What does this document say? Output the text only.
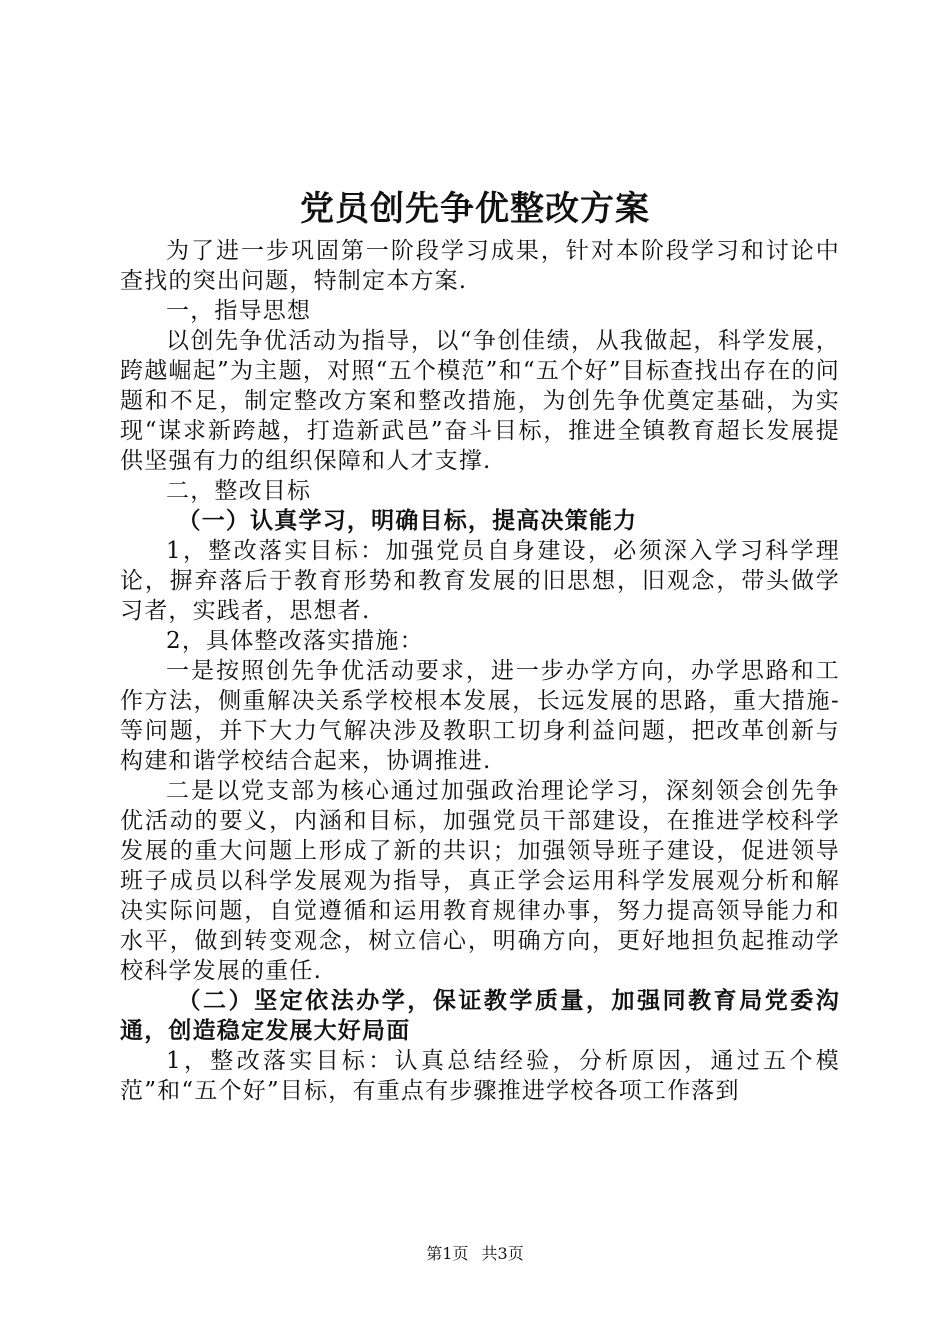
党员创先争优整改方案

为了进一步巩固第一阶段学习成果，针对本阶段学习和讨论中查找的突出问题，特制定本方案.

一，指导思想

以创先争优活动为指导，以“争创佳绩，从我做起，科学发展，跨越崛起”为主题，对照“五个模范”和“五个好”目标查找出存在的问题和不足，制定整改方案和整改措施，为创先争优奠定基础，为实现“谋求新跨越，打造新武邑”奋斗目标，推进全镇教育超长发展提供坚强有力的组织保障和人才支撑.

二，整改目标

（一）认真学习，明确目标，提高决策能力

1，整改落实目标：加强党员自身建设，必须深入学习科学理论，摒弃落后于教育形势和教育发展的旧思想，旧观念，带头做学习者，实践者，思想者.

2，具体整改落实措施：

一是按照创先争优活动要求，进一步办学方向，办学思路和工作方法，侧重解决关系学校根本发展，长远发展的思路，重大措施-等问题，并下大力气解决涉及教职工切身利益问题，把改革创新与构建和谐学校结合起来，协调推进.

二是以党支部为核心通过加强政治理论学习，深刻领会创先争优活动的要义，内涵和目标，加强党员干部建设，在推进学校科学发展的重大问题上形成了新的共识；加强领导班子建设，促进领导班子成员以科学发展观为指导，真正学会运用科学发展观分析和解决实际问题，自觉遵循和运用教育规律办事，努力提高领导能力和水平，做到转变观念，树立信心，明确方向，更好地担负起推动学校科学发展的重任.

（二）坚定依法办学，保证教学质量，加强同教育局党委沟通，创造稳定发展大好局面

1，整改落实目标：认真总结经验，分析原因，通过五个模范”和“五个好”目标，有重点有步骤推进学校各项工作落到

第1页 共3页
